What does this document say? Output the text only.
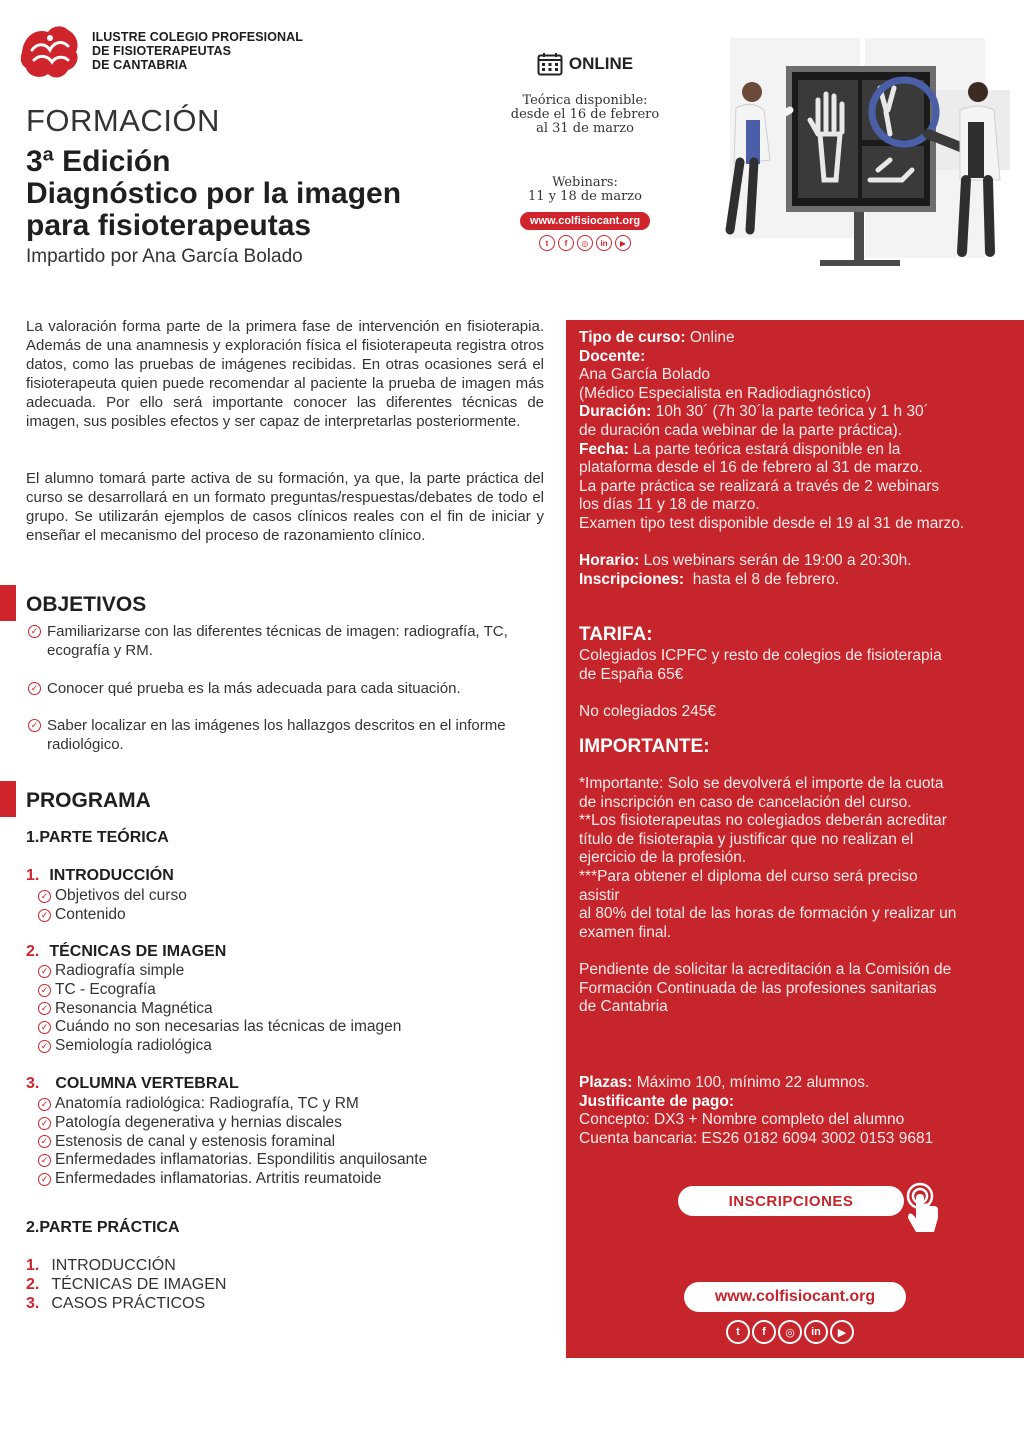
ILUSTRE COLEGIO PROFESIONAL
DE FISIOTERAPEUTAS
DE CANTABRIA
FORMACIÓN
3ª Edición
Diagnóstico por la imagen
para fisioterapeutas
Impartido por Ana García Bolado
ONLINE
Teórica disponible:
desde el 16 de febrero
al 31 de marzo
Webinars:
11 y 18 de marzo
www.colfisiocant.org
t	f	◎	in	▶
La valoración forma parte de la primera fase de intervención en fisioterapia. Además de una anamnesis y exploración física el fisioterapeuta registra otros datos, como las pruebas de imágenes recibidas. En otras ocasiones será el fisioterapeuta quien puede recomendar al paciente la prueba de imagen más adecuada. Por ello será importante conocer las diferentes técnicas de imagen, sus posibles efectos y ser capaz de interpretarlas posteriormente.
El alumno tomará parte activa de su formación, ya que, la parte práctica del curso se desarrollará en un formato preguntas/respuestas/debates de todo el grupo. Se utilizarán ejemplos de casos clínicos reales con el fin de iniciar y enseñar el mecanismo del proceso de razonamiento clínico.
OBJETIVOS
✓ Familiarizarse con las diferentes técnicas de imagen: radiografía, TC,
ecografía y RM.
✓ Conocer qué prueba es la más adecuada para cada situación.
✓ Saber localizar en las imágenes los hallazgos descritos en el informe
radiológico.
PROGRAMA
1.PARTE TEÓRICA
1. INTRODUCCIÓN
✓ Objetivos del curso
✓ Contenido
2. TÉCNICAS DE IMAGEN
✓ Radiografía simple
✓ TC - Ecografía
✓ Resonancia Magnética
✓ Cuándo no son necesarias las técnicas de imagen
✓ Semiología radiológica
3. COLUMNA VERTEBRAL
✓ Anatomía radiológica: Radiografía, TC y RM
✓ Patología degenerativa y hernias discales
✓ Estenosis de canal y estenosis foraminal
✓ Enfermedades inflamatorias. Espondilitis anquilosante
✓ Enfermedades inflamatorias. Artritis reumatoide
2.PARTE PRÁCTICA
1. INTRODUCCIÓN
2. TÉCNICAS DE IMAGEN
3. CASOS PRÁCTICOS
Tipo de curso: Online
Docente:
Ana García Bolado
(Médico Especialista en Radiodiagnóstico)
Duración: 10h 30´ (7h 30´la parte teórica y 1 h 30´
de duración cada webinar de la parte práctica).
Fecha: La parte teórica estará disponible en la
plataforma desde el 16 de febrero al 31 de marzo.
La parte práctica se realizará a través de 2 webinars
los días 11 y 18 de marzo.
Examen tipo test disponible desde el 19 al 31 de marzo.
Horario: Los webinars serán de 19:00 a 20:30h.
Inscripciones: hasta el 8 de febrero.
TARIFA:
Colegiados ICPFC y resto de colegios de fisioterapia
de España 65€
No colegiados 245€
IMPORTANTE:
*Importante: Solo se devolverá el importe de la cuota
de inscripción en caso de cancelación del curso.
**Los fisioterapeutas no colegiados deberán acreditar
título de fisioterapia y justificar que no realizan el
ejercicio de la profesión.
***Para obtener el diploma del curso será preciso
asistir
al 80% del total de las horas de formación y realizar un
examen final.
Pendiente de solicitar la acreditación a la Comisión de
Formación Continuada de las profesiones sanitarias
de Cantabria
Plazas: Máximo 100, mínimo 22 alumnos.
Justificante de pago:
Concepto: DX3 + Nombre completo del alumno
Cuenta bancaria: ES26 0182 6094 3002 0153 9681
INSCRIPCIONES
www.colfisiocant.org
t	f	◎	in	▶
